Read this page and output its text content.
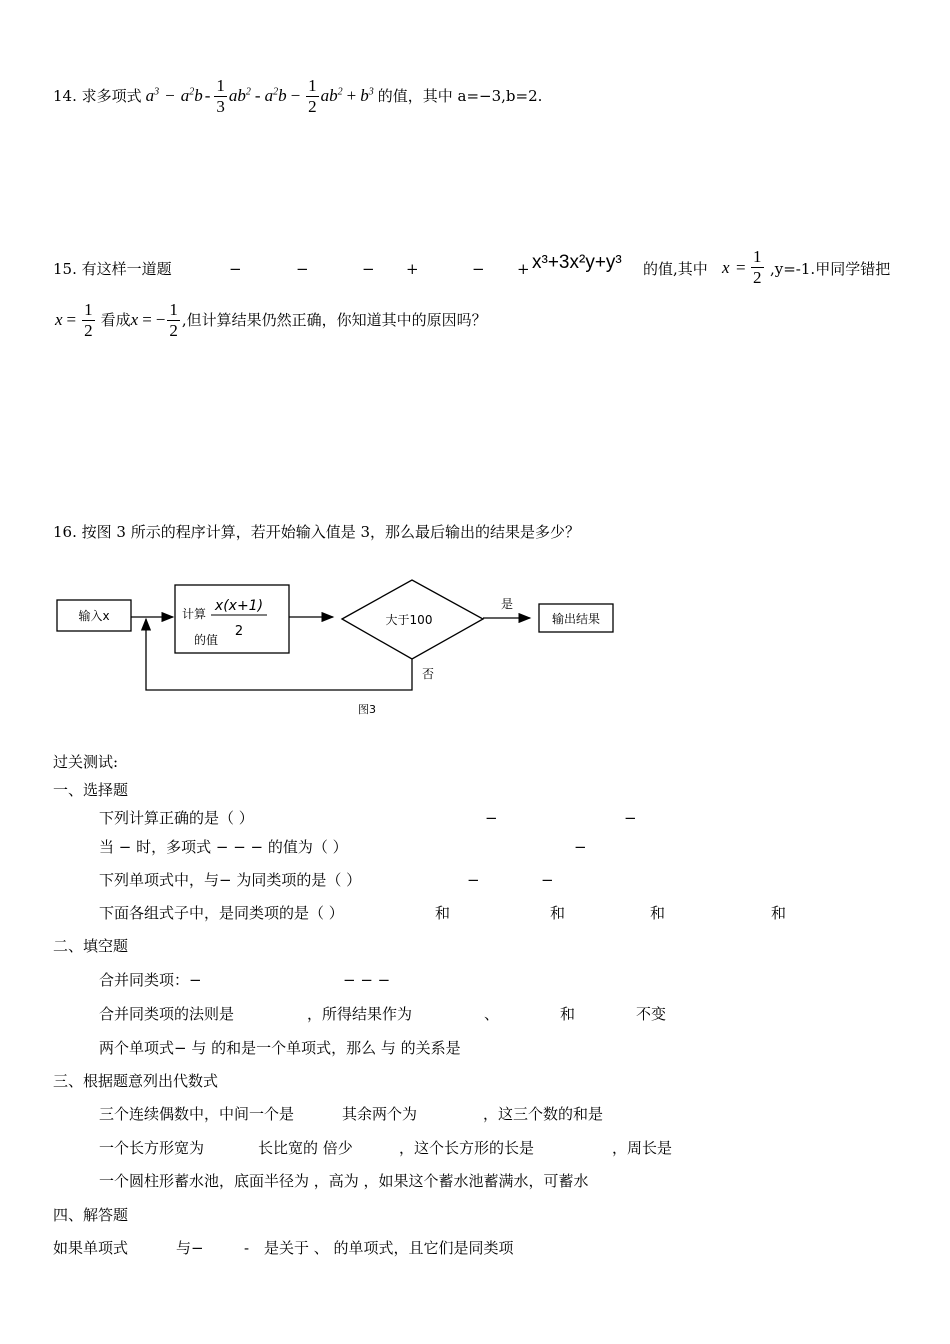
14. 求多项式 $a^3 - a^2b - \frac{1}{3} ab^2 - a^2b - \frac{1}{2} ab^2 + b^3$ 的值，其中 a=−3,b=2.
15. 有这样一道题	−	−	− +	− + x³+3x²y+y³ 的值,其中 $x = \frac{1}{2} ,y=-1$.甲同学错把
$x = \frac{1}{2}$ 看成 x = − $\frac{1}{2}$ ,但计算结果仍然正确，你知道其中的原因吗？
16. 按图 3 所示的程序计算，若开始输入值是 3，那么最后输出的结果是多少？
输入x	计算 x(x+1)
2
的值
大于100
是
输出结果
否
图3
过关测试:
一、选择题
下列计算正确的是（ ）	−	−
当 − 时，多项式 − − − 的值为（ ）	−
下列单项式中，与− 为同类项的是（ ）	−	−
下面各组式子中，是同类项的是（ ）	和	和	和	和
二、填空题
合并同类项：−	− − −
合并同类项的法则是	，所得结果作为	、	和	不变
两个单项式− 与 的和是一个单项式，那么 与 的关系是
三、根据题意列出代数式
三个连续偶数中，中间一个是	其余两个为	，这三个数的和是
一个长方形宽为	长比宽的 倍少	，这个长方形的长是	，周长是
一个圆柱形蓄水池，底面半径为 ，高为 ，如果这个蓄水池蓄满水，可蓄水
四、解答题
如果单项式	与−	- 是关于 、 的单项式，且它们是同类项
